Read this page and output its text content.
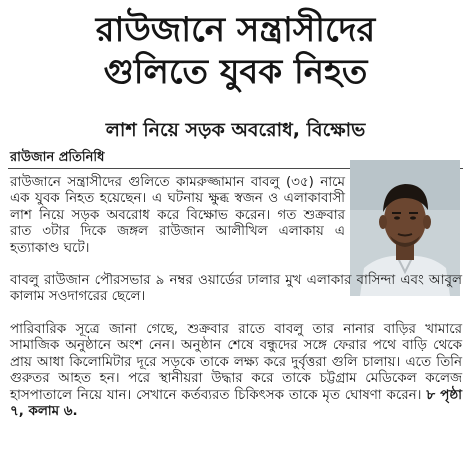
রাউজানে সন্ত্রাসীদের
গুলিতে যুবক নিহত
লাশ নিয়ে সড়ক অবরোধ, বিক্ষোভ
রাউজান প্রতিনিধি

রাউজানে সন্ত্রাসীদের গুলিতে কামরুজ্জামান বাবলু (৩৫) নামে এক যুবক নিহত হয়েছেন। এ ঘটনায় ক্ষুব্ধ স্বজন ও এলাকাবাসী লাশ নিয়ে সড়ক অবরোধ করে বিক্ষোভ করেন। গত শুক্রবার রাত ৩টার দিকে জঙ্গল রাউজান আলীখিল এলাকায় এ হত্যাকাণ্ড ঘটে।

বাবলু রাউজান পৌরসভার ৯ নম্বর ওয়ার্ডের ঢালার মুখ এলাকার বাসিন্দা এবং আবুল কালাম সওদাগরের ছেলে।

পারিবারিক সূত্রে জানা গেছে, শুক্রবার রাতে বাবলু তার নানার বাড়ির খামারে সামাজিক অনুষ্ঠানে অংশ নেন। অনুষ্ঠান শেষে বন্ধুদের সঙ্গে ফেরার পথে বাড়ি থেকে প্রায় আধা কিলোমিটার দূরে সড়কে তাকে লক্ষ্য করে দুর্বৃত্তরা গুলি চালায়। এতে তিনি গুরুতর আহত হন। পরে স্থানীয়রা উদ্ধার করে তাকে চট্টগ্রাম মেডিকেল কলেজ হাসপাতালে নিয়ে যান। সেখানে কর্তব্যরত চিকিৎসক তাকে মৃত ঘোষণা করেন। ৮ পৃষ্ঠা ৭, কলাম ৬.
